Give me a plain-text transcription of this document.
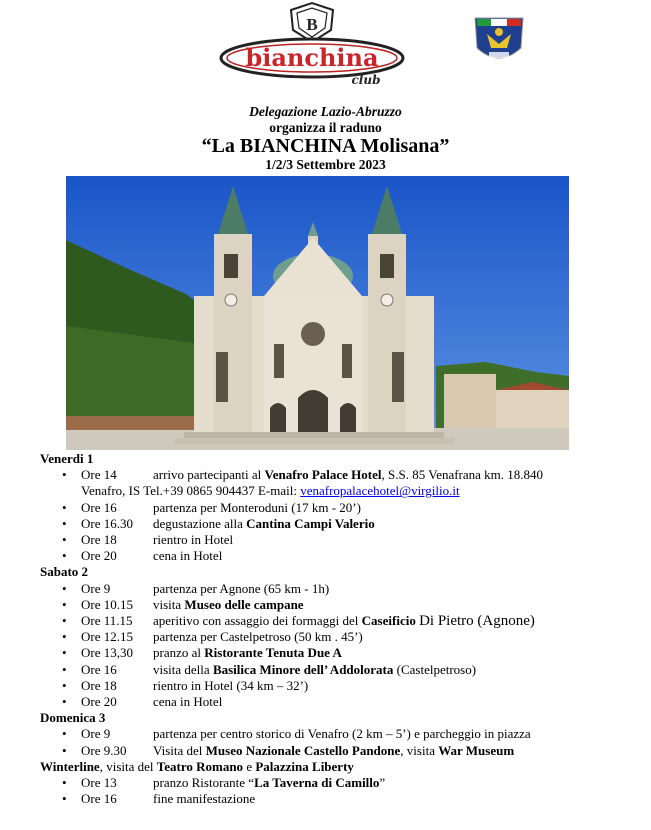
B
bianchina
club
Delegazione Lazio-Abruzzo
organizza il raduno
“La BIANCHINA Molisana”
1/2/3 Settembre 2023
Venerdi 1
• Ore 14	arrivo partecipanti al Venafro Palace Hotel, S.S. 85 Venafrana km. 18.840
Venafro, IS Tel.+39 0865 904437 E-mail: venafropalacehotel@virgilio.it
• Ore 16	partenza per Monteroduni (17 km - 20’)
• Ore 16.30 degustazione alla Cantina Campi Valerio
• Ore 18	rientro in Hotel
• Ore 20	cena in Hotel
Sabato 2
• Ore 9	partenza per Agnone (65 km - 1h)
• Ore 10.15 visita Museo delle campane
• Ore 11.15 aperitivo con assaggio dei formaggi del Caseificio Di Pietro (Agnone)
• Ore 12.15 partenza per Castelpetroso (50 km . 45’)
• Ore 13,30 pranzo al Ristorante Tenuta Due A
• Ore 16	visita della Basilica Minore dell’ Addolorata (Castelpetroso)
• Ore 18	rientro in Hotel (34 km – 32’)
• Ore 20	cena in Hotel
Domenica 3
• Ore 9	partenza per centro storico di Venafro (2 km – 5’) e parcheggio in piazza
• Ore 9.30 Visita del Museo Nazionale Castello Pandone, visita War Museum
Winterline, visita del Teatro Romano e Palazzina Liberty
• Ore 13	pranzo Ristorante “La Taverna di Camillo”
• Ore 16	fine manifestazione
